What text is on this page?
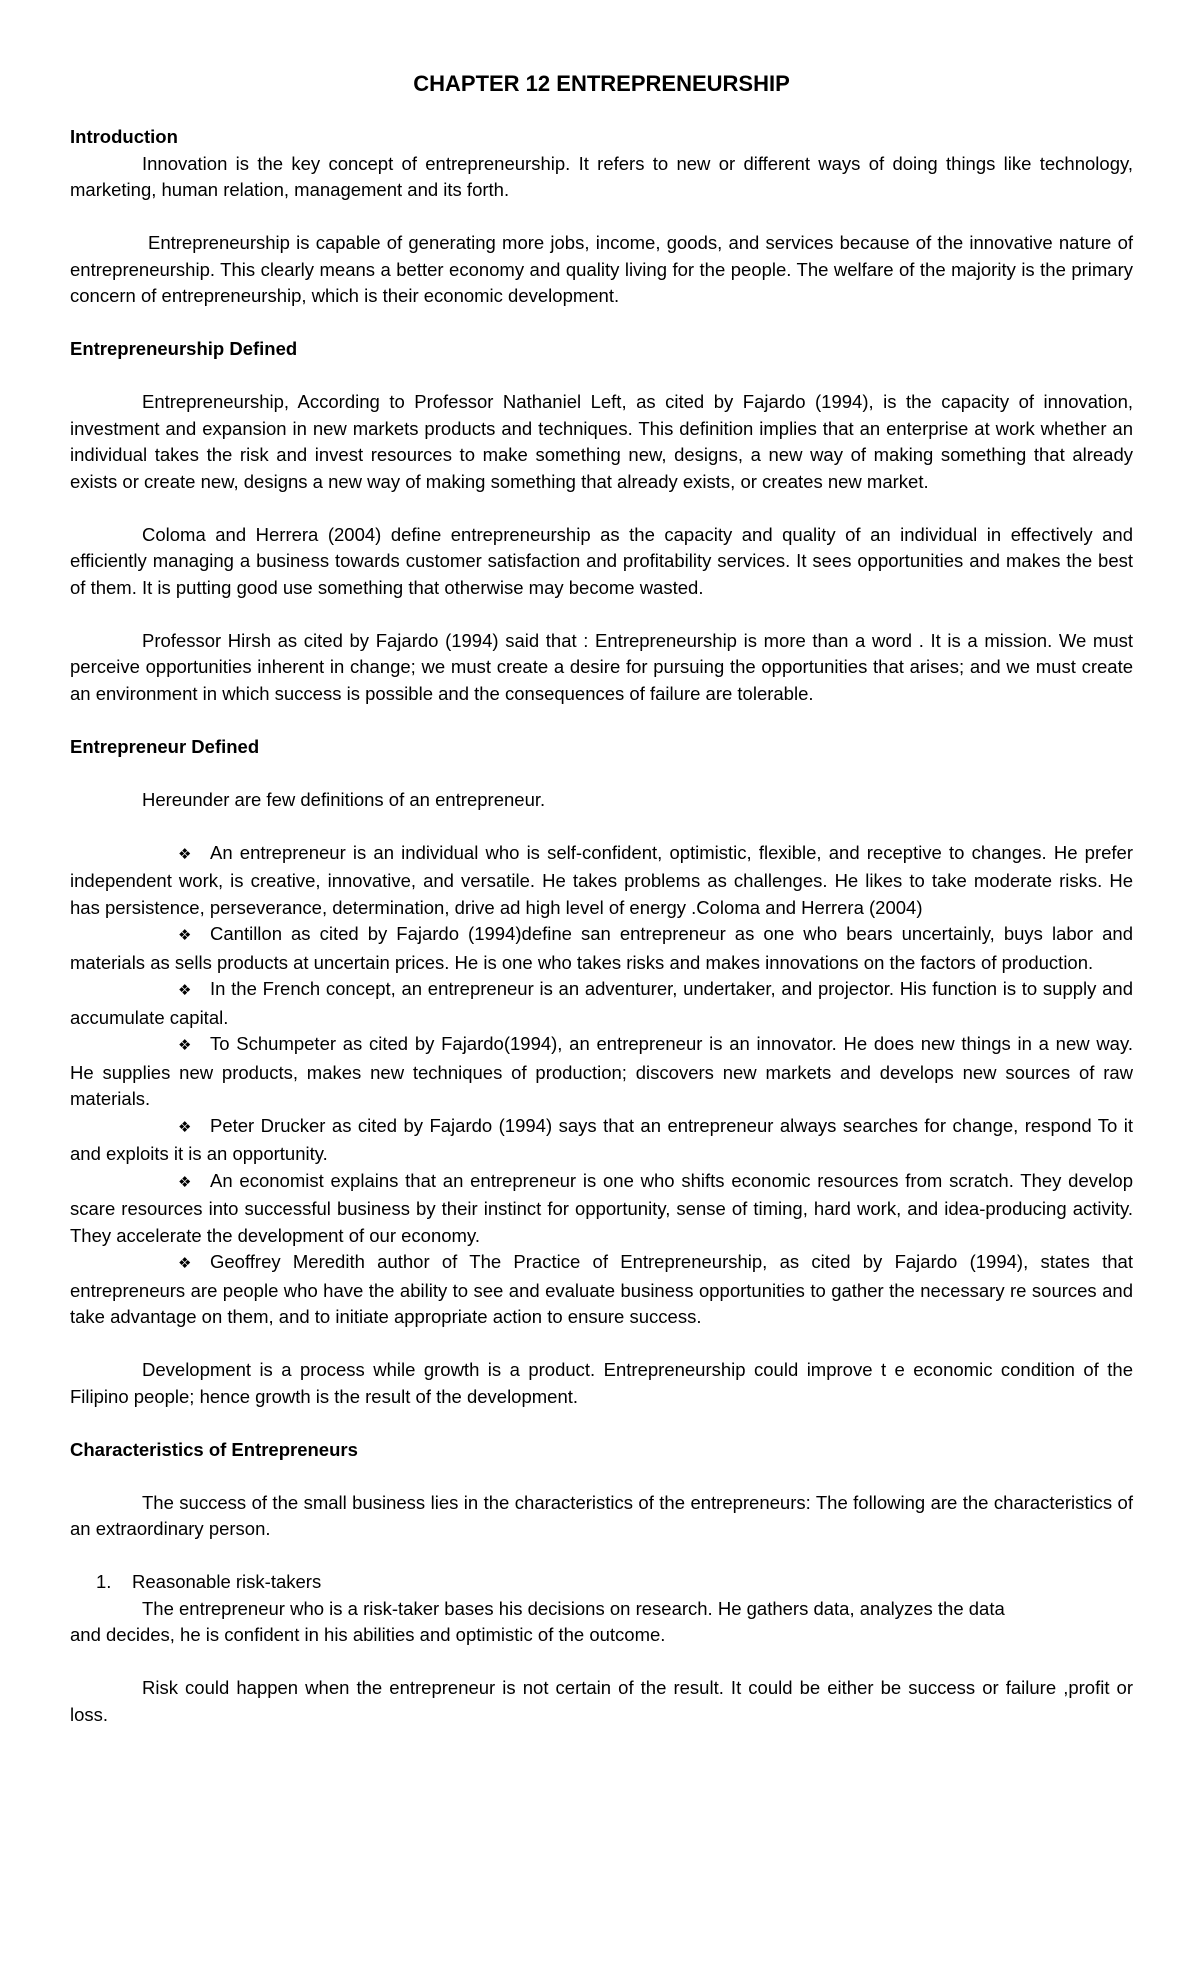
CHAPTER 12 ENTREPRENEURSHIP

Introduction

Innovation is the key concept of entrepreneurship. It refers to new or different ways of doing things like technology, marketing, human relation, management and its forth.

Entrepreneurship is capable of generating more jobs, income, goods, and services because of the innovative nature of entrepreneurship. This clearly means a better economy and quality living for the people. The welfare of the majority is the primary concern of entrepreneurship, which is their economic development.

Entrepreneurship Defined

Entrepreneurship, According to Professor Nathaniel Left, as cited by Fajardo (1994), is the capacity of innovation, investment and expansion in new markets products and techniques. This definition implies that an enterprise at work whether an individual takes the risk and invest resources to make something new, designs, a new way of making something that already exists or create new, designs a new way of making something that already exists, or creates new market.

Coloma and Herrera (2004) define entrepreneurship as the capacity and quality of an individual in effectively and efficiently managing a business towards customer satisfaction and profitability services. It sees opportunities and makes the best of them. It is putting good use something that otherwise may become wasted.

Professor Hirsh as cited by Fajardo (1994) said that : Entrepreneurship is more than a word . It is a mission. We must perceive opportunities inherent in change; we must create a desire for pursuing the opportunities that arises; and we must create an environment in which success is possible and the consequences of failure are tolerable.

Entrepreneur Defined

Hereunder are few definitions of an entrepreneur.

❖ An entrepreneur is an individual who is self-confident, optimistic, flexible, and receptive to changes. He prefer independent work, is creative, innovative, and versatile. He takes problems as challenges. He likes to take moderate risks. He has persistence, perseverance, determination, drive ad high level of energy .Coloma and Herrera (2004)

❖ Cantillon as cited by Fajardo (1994)define san entrepreneur as one who bears uncertainly, buys labor and materials as sells products at uncertain prices. He is one who takes risks and makes innovations on the factors of production.

❖ In the French concept, an entrepreneur is an adventurer, undertaker, and projector. His function is to supply and accumulate capital.

❖ To Schumpeter as cited by Fajardo(1994), an entrepreneur is an innovator. He does new things in a new way. He supplies new products, makes new techniques of production; discovers new markets and develops new sources of raw materials.

❖ Peter Drucker as cited by Fajardo (1994) says that an entrepreneur always searches for change, respond To it and exploits it is an opportunity.

❖ An economist explains that an entrepreneur is one who shifts economic resources from scratch. They develop scare resources into successful business by their instinct for opportunity, sense of timing, hard work, and idea-producing activity. They accelerate the development of our economy.

❖ Geoffrey Meredith author of The Practice of Entrepreneurship, as cited by Fajardo (1994), states that entrepreneurs are people who have the ability to see and evaluate business opportunities to gather the necessary re sources and take advantage on them, and to initiate appropriate action to ensure success.

Development is a process while growth is a product. Entrepreneurship could improve t e economic condition of the Filipino people; hence growth is the result of the development.

Characteristics of Entrepreneurs

The success of the small business lies in the characteristics of the entrepreneurs: The following are the characteristics of an extraordinary person.

1. Reasonable risk-takers

The entrepreneur who is a risk-taker bases his decisions on research. He gathers data, analyzes the data

and decides, he is confident in his abilities and optimistic of the outcome.

Risk could happen when the entrepreneur is not certain of the result. It could be either be success or failure ,profit or loss.
